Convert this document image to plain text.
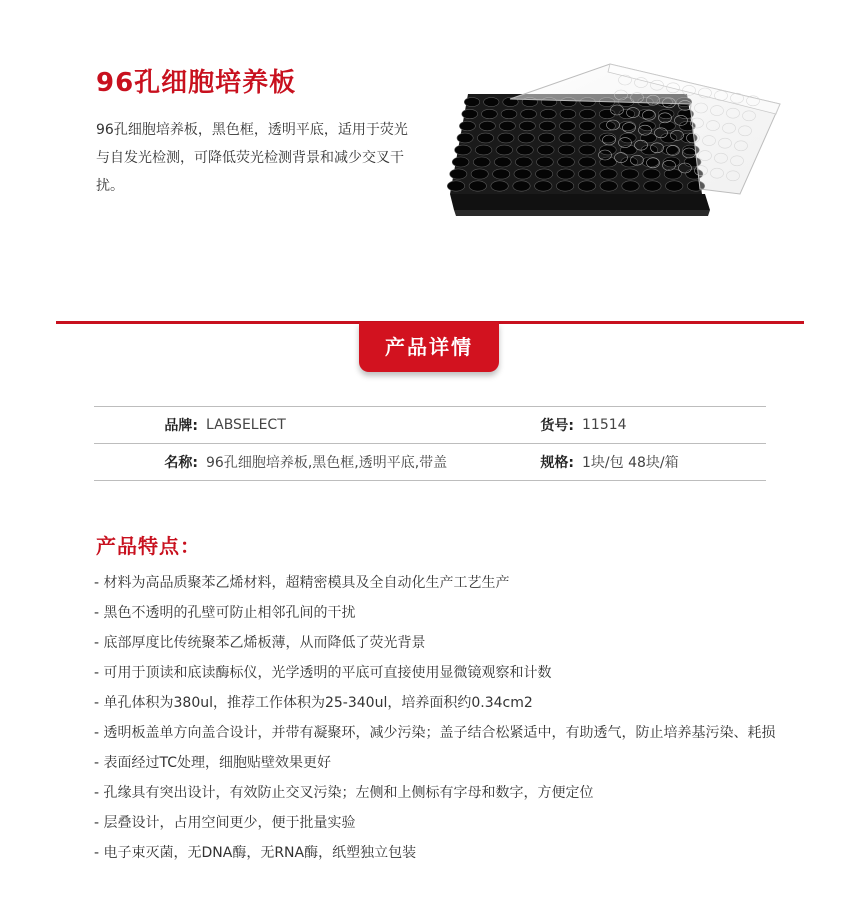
96孔细胞培养板

96孔细胞培养板，黑色框，透明平底，适用于荧光与自发光检测，可降低荧光检测背景和减少交叉干扰。

产品详情
品牌:	LABSELECT	货号:	11514
名称:	96孔细胞培养板,黑色框,透明平底,带盖	规格:	1块/包 48块/箱
产品特点：
- 材料为高品质聚苯乙烯材料，超精密模具及全自动化生产工艺生产
- 黑色不透明的孔壁可防止相邻孔间的干扰
- 底部厚度比传统聚苯乙烯板薄，从而降低了荧光背景
- 可用于顶读和底读酶标仪，光学透明的平底可直接使用显微镜观察和计数
- 单孔体积为380ul，推荐工作体积为25-340ul，培养面积约0.34cm2
- 透明板盖单方向盖合设计，并带有凝聚环，减少污染；盖子结合松紧适中，有助透气，防止培养基污染、耗损
- 表面经过TC处理，细胞贴壁效果更好
- 孔缘具有突出设计，有效防止交叉污染；左侧和上侧标有字母和数字，方便定位
- 层叠设计，占用空间更少，便于批量实验
- 电子束灭菌，无DNA酶，无RNA酶，纸塑独立包装
